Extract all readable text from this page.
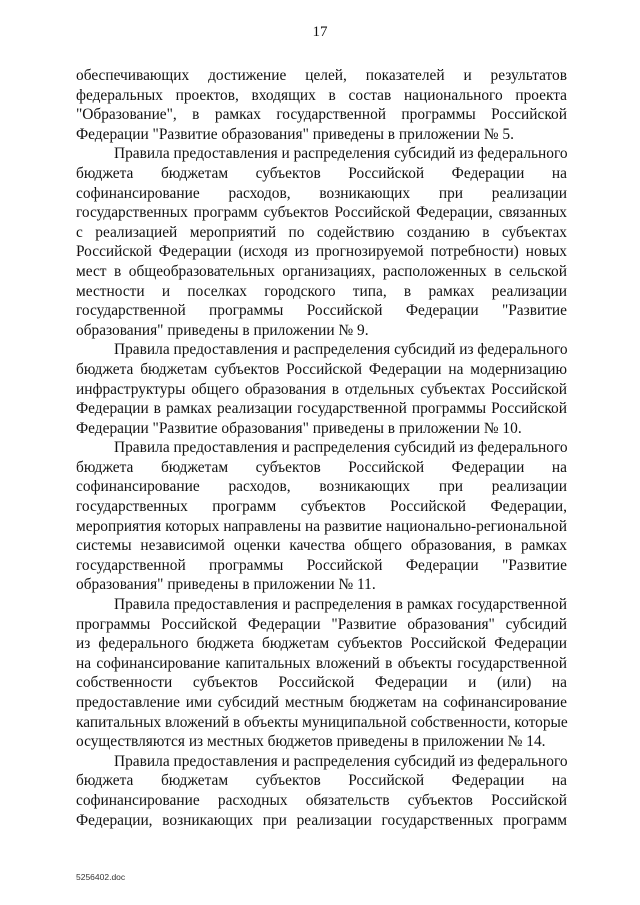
17
обеспечивающих достижение целей, показателей и результатов
федеральных проектов, входящих в состав национального проекта
"Образование", в рамках государственной программы Российской
Федерации "Развитие образования" приведены в приложении № 5.
Правила предоставления и распределения субсидий из федерального
бюджета бюджетам субъектов Российской Федерации на
софинансирование расходов, возникающих при реализации
государственных программ субъектов Российской Федерации, связанных
с реализацией мероприятий по содействию созданию в субъектах
Российской Федерации (исходя из прогнозируемой потребности) новых
мест в общеобразовательных организациях, расположенных в сельской
местности и поселках городского типа, в рамках реализации
государственной программы Российской Федерации "Развитие
образования" приведены в приложении № 9.
Правила предоставления и распределения субсидий из федерального
бюджета бюджетам субъектов Российской Федерации на модернизацию
инфраструктуры общего образования в отдельных субъектах Российской
Федерации в рамках реализации государственной программы Российской
Федерации "Развитие образования" приведены в приложении № 10.
Правила предоставления и распределения субсидий из федерального
бюджета бюджетам субъектов Российской Федерации на
софинансирование расходов, возникающих при реализации
государственных программ субъектов Российской Федерации,
мероприятия которых направлены на развитие национально-региональной
системы независимой оценки качества общего образования, в рамках
государственной программы Российской Федерации "Развитие
образования" приведены в приложении № 11.
Правила предоставления и распределения в рамках государственной
программы Российской Федерации "Развитие образования" субсидий
из федерального бюджета бюджетам субъектов Российской Федерации
на софинансирование капитальных вложений в объекты государственной
собственности субъектов Российской Федерации и (или) на
предоставление ими субсидий местным бюджетам на софинансирование
капитальных вложений в объекты муниципальной собственности, которые
осуществляются из местных бюджетов приведены в приложении № 14.
Правила предоставления и распределения субсидий из федерального
бюджета бюджетам субъектов Российской Федерации на
софинансирование расходных обязательств субъектов Российской
Федерации, возникающих при реализации государственных программ
5256402.doc
